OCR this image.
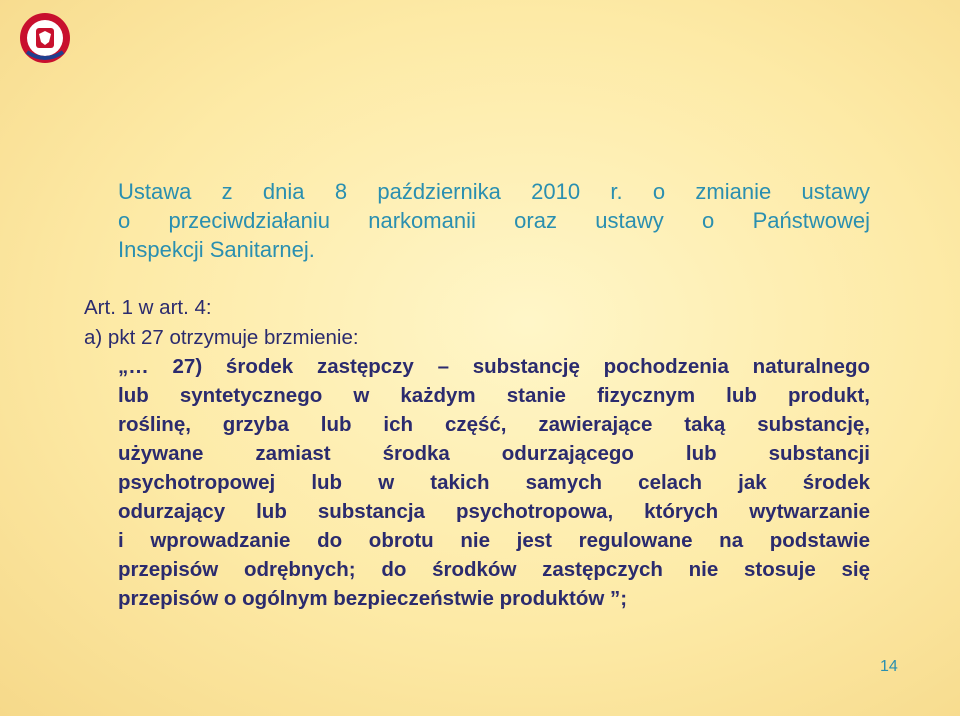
Ustawa z dnia 8 października 2010 r. o zmianie ustawy
o przeciwdziałaniu narkomanii oraz ustawy o Państwowej
Inspekcji Sanitarnej.
Art. 1 w art. 4:
a) pkt 27 otrzymuje brzmienie:
„… 27) środek zastępczy – substancję pochodzenia naturalnego
lub syntetycznego w każdym stanie fizycznym lub produkt,
roślinę, grzyba lub ich część, zawierające taką substancję,
używane zamiast środka odurzającego lub substancji
psychotropowej lub w takich samych celach jak środek
odurzający lub substancja psychotropowa, których wytwarzanie
i wprowadzanie do obrotu nie jest regulowane na podstawie
przepisów odrębnych; do środków zastępczych nie stosuje się
przepisów o ogólnym bezpieczeństwie produktów ”;
14
